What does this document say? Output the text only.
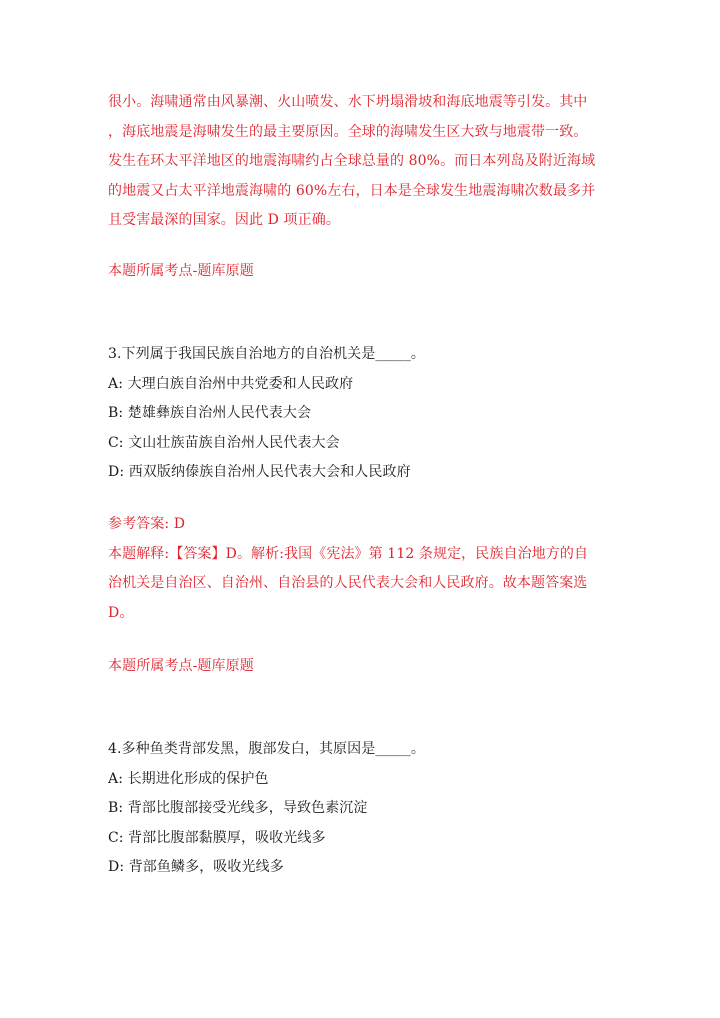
很小。海啸通常由风暴潮、火山喷发、水下坍塌滑坡和海底地震等引发。其中
，海底地震是海啸发生的最主要原因。全球的海啸发生区大致与地震带一致。
发生在环太平洋地区的地震海啸约占全球总量的 80%。而日本列岛及附近海域
的地震又占太平洋地震海啸的 60%左右，日本是全球发生地震海啸次数最多并
且受害最深的国家。因此 D 项正确。

本题所属考点-题库原题

3.下列属于我国民族自治地方的自治机关是_____。
A: 大理白族自治州中共党委和人民政府
B: 楚雄彝族自治州人民代表大会
C: 文山壮族苗族自治州人民代表大会
D: 西双版纳傣族自治州人民代表大会和人民政府

参考答案: D
本题解释:【答案】D。解析:我国《宪法》第 112 条规定，民族自治地方的自
治机关是自治区、自治州、自治县的人民代表大会和人民政府。故本题答案选
D。

本题所属考点-题库原题

4.多种鱼类背部发黑，腹部发白，其原因是_____。
A: 长期进化形成的保护色
B: 背部比腹部接受光线多，导致色素沉淀
C: 背部比腹部黏膜厚，吸收光线多
D: 背部鱼鳞多，吸收光线多
